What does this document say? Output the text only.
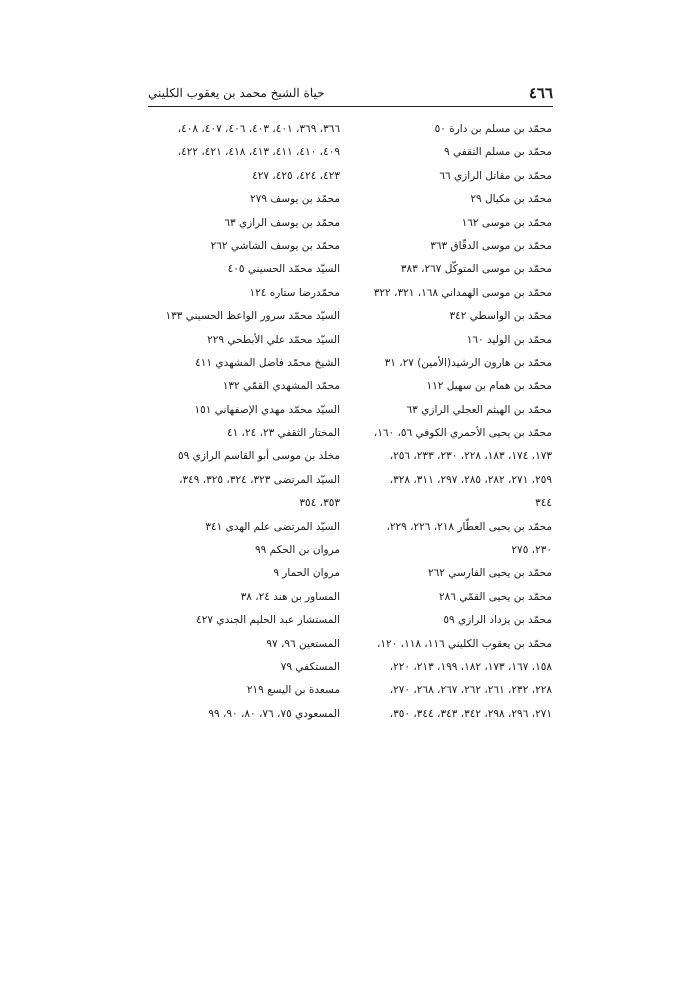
٤٦٦
حياة الشيخ محمد بن يعقوب الكليني
محمّد بن مسلم بن دارة ٥٠
محمّد بن مسلم الثقفي ٩
محمّد بن مقاتل الرازي ٦٦
محمّد بن مكيال ٢٩
محمّد بن موسى ١٦٢
محمّد بن موسى الدقّاق ٣٦٣
محمّد بن موسى المتوكّل ٢٦٧، ٣٨٣
محمّد بن موسى الهمداني ١٦٨، ٣٢١، ٣٢٢
محمّد بن الواسطي ٣٤٢
محمّد بن الوليد ١٦٠
محمّد بن هارون الرشيد(الأمين) ٢٧، ٣١
محمّد بن همام بن سهيل ١١٢
محمّد بن الهيثم العجلي الرازي ٦٣
محمّد بن يحيى الأحمري الكوفي ٥٦، ١٦٠،
١٧٣، ١٧٤، ١٨٣، ٢٢٨، ٢٣٠، ٢٣٣، ٢٥٦،
٢٥٩، ٢٧١، ٢٨٢، ٢٨٥، ٢٩٧، ٣١١، ٣٢٨،
٣٤٤
محمّد بن يحيى العطّار ٢١٨، ٢٢٦، ٢٢٩،
٢٣٠، ٢٧٥
محمّد بن يحيى الفارسي ٢٦٢
محمّد بن يحيى القمّي ٢٨٦
محمّد بن يزداد الرازي ٥٩
محمّد بن يعقوب الكليني ١١٦، ١١٨، ١٢٠،
١٥٨، ١٦٧، ١٧٣، ١٨٢، ١٩٩، ٢١٣، ٢٢٠،
٢٢٨، ٢٣٢، ٢٦١، ٢٦٢، ٢٦٧، ٢٦٨، ٢٧٠،
٢٧١، ٢٩٦، ٢٩٨، ٣٤٢، ٣٤٣، ٣٤٤، ٣٥٠،
٣٦٦، ٣٦٩، ٤٠١، ٤٠٣، ٤٠٦، ٤٠٧، ٤٠٨،
٤٠٩، ٤١٠، ٤١١، ٤١٣، ٤١٨، ٤٢١، ٤٢٢،
٤٢٣، ٤٢٤، ٤٢٥، ٤٢٧
محمّد بن يوسف ٢٧٩
محمّد بن يوسف الرازي ٦٣
محمّد بن يوسف الشاشي ٢٦٢
السيّد محمّد الحسيني ٤٠٥
محمّدرضا ستاره ١٢٤
السيّد محمّد سرور الواعظ الحسيني ١٣٣
السيّد محمّد علي الأبطحي ٢٢٩
الشيخ محمّد فاضل المشهدي ٤١١
محمّد المشهدي القمّي ١٣٢
السيّد محمّد مهدي الإصفهاني ١٥١
المختار الثقفي ٢٣، ٢٤، ٤١
مخلد بن موسى أبو القاسم الرازي ٥٩
السيّد المرتضى ٣٢٣، ٣٢٤، ٣٢٥، ٣٤٩،
٣٥٣، ٣٥٤
السيّد المرتضى علم الهدى ٣٤١
مروان بن الحكم ٩٩
مروان الحمار ٩
المساور بن هند ٢٤، ٣٨
المستشار عبد الحليم الجندي ٤٢٧
المستعين ٩٦، ٩٧
المستكفي ٧٩
مسعدة بن اليسع ٢١٩
المسعودي ٧٥، ٧٦، ٨٠، ٩٠، ٩٩
